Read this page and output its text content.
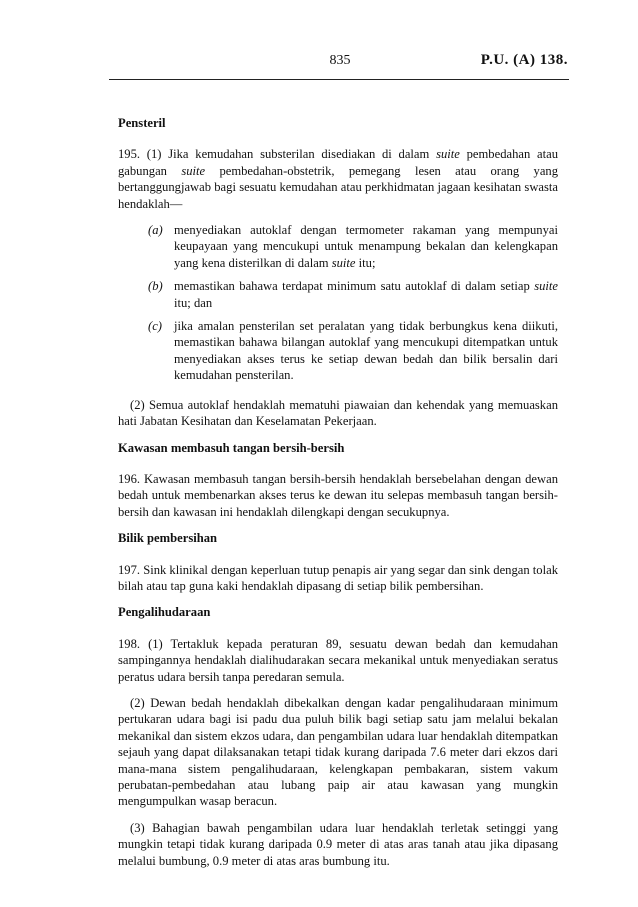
835	P.U. (A) 138.
Pensteril

195. (1) Jika kemudahan substerilan disediakan di dalam suite pembedahan atau gabungan suite pembedahan-obstetrik, pemegang lesen atau orang yang bertanggungjawab bagi sesuatu kemudahan atau perkhidmatan jagaan kesihatan swasta hendaklah—

(a) menyediakan autoklaf dengan termometer rakaman yang mempunyai keupayaan yang mencukupi untuk menampung bekalan dan kelengkapan yang kena disterilkan di dalam suite itu;
(b) memastikan bahawa terdapat minimum satu autoklaf di dalam setiap suite itu; dan
(c) jika amalan pensterilan set peralatan yang tidak berbungkus kena diikuti, memastikan bahawa bilangan autoklaf yang mencukupi ditempatkan untuk menyediakan akses terus ke setiap dewan bedah dan bilik bersalin dari kemudahan pensterilan.

(2) Semua autoklaf hendaklah mematuhi piawaian dan kehendak yang memuaskan hati Jabatan Kesihatan dan Keselamatan Pekerjaan.

Kawasan membasuh tangan bersih-bersih

196. Kawasan membasuh tangan bersih-bersih hendaklah bersebelahan dengan dewan bedah untuk membenarkan akses terus ke dewan itu selepas membasuh tangan bersih-bersih dan kawasan ini hendaklah dilengkapi dengan secukupnya.

Bilik pembersihan

197. Sink klinikal dengan keperluan tutup penapis air yang segar dan sink dengan tolak bilah atau tap guna kaki hendaklah dipasang di setiap bilik pembersihan.

Pengalihudaraan

198. (1) Tertakluk kepada peraturan 89, sesuatu dewan bedah dan kemudahan sampingannya hendaklah dialihudarakan secara mekanikal untuk menyediakan seratus peratus udara bersih tanpa peredaran semula.

(2) Dewan bedah hendaklah dibekalkan dengan kadar pengalihudaraan minimum pertukaran udara bagi isi padu dua puluh bilik bagi setiap satu jam melalui bekalan mekanikal dan sistem ekzos udara, dan pengambilan udara luar hendaklah ditempatkan sejauh yang dapat dilaksanakan tetapi tidak kurang daripada 7.6 meter dari ekzos dari mana-mana sistem pengalihudaraan, kelengkapan pembakaran, sistem vakum perubatan-pembedahan atau lubang paip air atau kawasan yang mungkin mengumpulkan wasap beracun.

(3) Bahagian bawah pengambilan udara luar hendaklah terletak setinggi yang mungkin tetapi tidak kurang daripada 0.9 meter di atas aras tanah atau jika dipasang melalui bumbung, 0.9 meter di atas aras bumbung itu.
